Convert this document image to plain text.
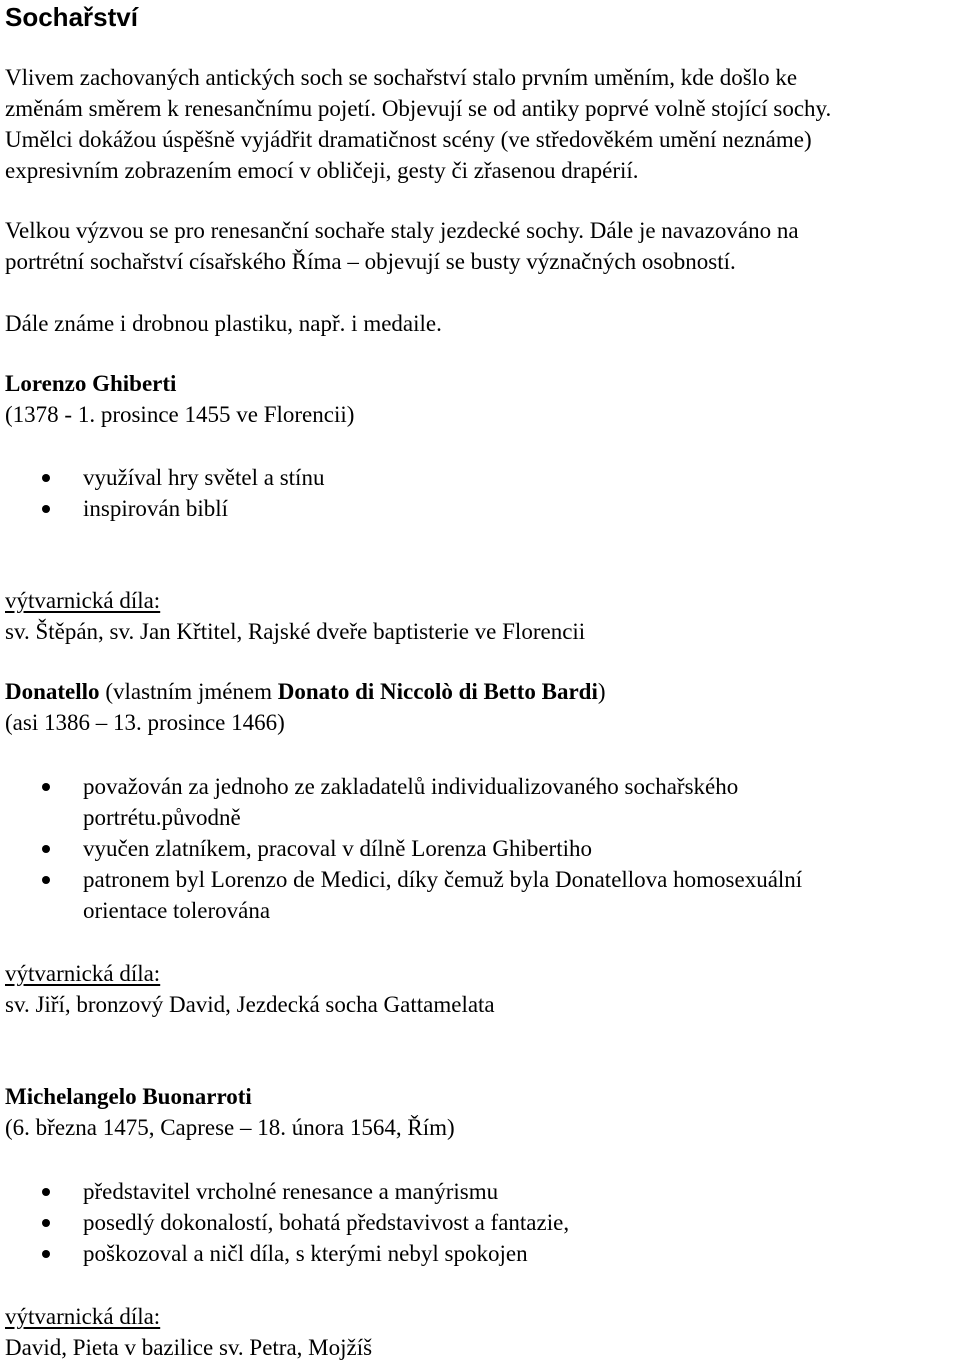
Sochařství
Vlivem zachovaných antických soch se sochařství stalo prvním uměním, kde došlo ke
změnám směrem k renesančnímu pojetí. Objevují se od antiky poprvé volně stojící sochy.
Umělci dokážou úspěšně vyjádřit dramatičnost scény (ve středověkém umění neznáme)
expresivním zobrazením emocí v obličeji, gesty či zřasenou drapérií.
Velkou výzvou se pro renesanční sochaře staly jezdecké sochy. Dále je navazováno na
portrétní sochařství císařského Říma – objevují se busty význačných osobností.
Dále známe i drobnou plastiku, např. i medaile.
Lorenzo Ghiberti
(1378 - 1. prosince 1455 ve Florencii)
využíval hry světel a stínu
inspirován biblí
výtvarnická díla:
sv. Štěpán, sv. Jan Křtitel, Rajské dveře baptisterie ve Florencii
Donatello (vlastním jménem Donato di Niccolò di Betto Bardi)
(asi 1386 – 13. prosince 1466)
považován za jednoho ze zakladatelů individualizovaného sochařského
portrétu.původně
vyučen zlatníkem, pracoval v dílně Lorenza Ghibertiho
patronem byl Lorenzo de Medici, díky čemuž byla Donatellova homosexuální
orientace tolerována
výtvarnická díla:
sv. Jiří, bronzový David, Jezdecká socha Gattamelata
Michelangelo Buonarroti
(6. března 1475, Caprese – 18. února 1564, Řím)
představitel vrcholné renesance a manýrismu
posedlý dokonalostí, bohatá představivost a fantazie,
poškozoval a ničl díla, s kterými nebyl spokojen
výtvarnická díla:
David, Pieta v bazilice sv. Petra, Mojžíš
